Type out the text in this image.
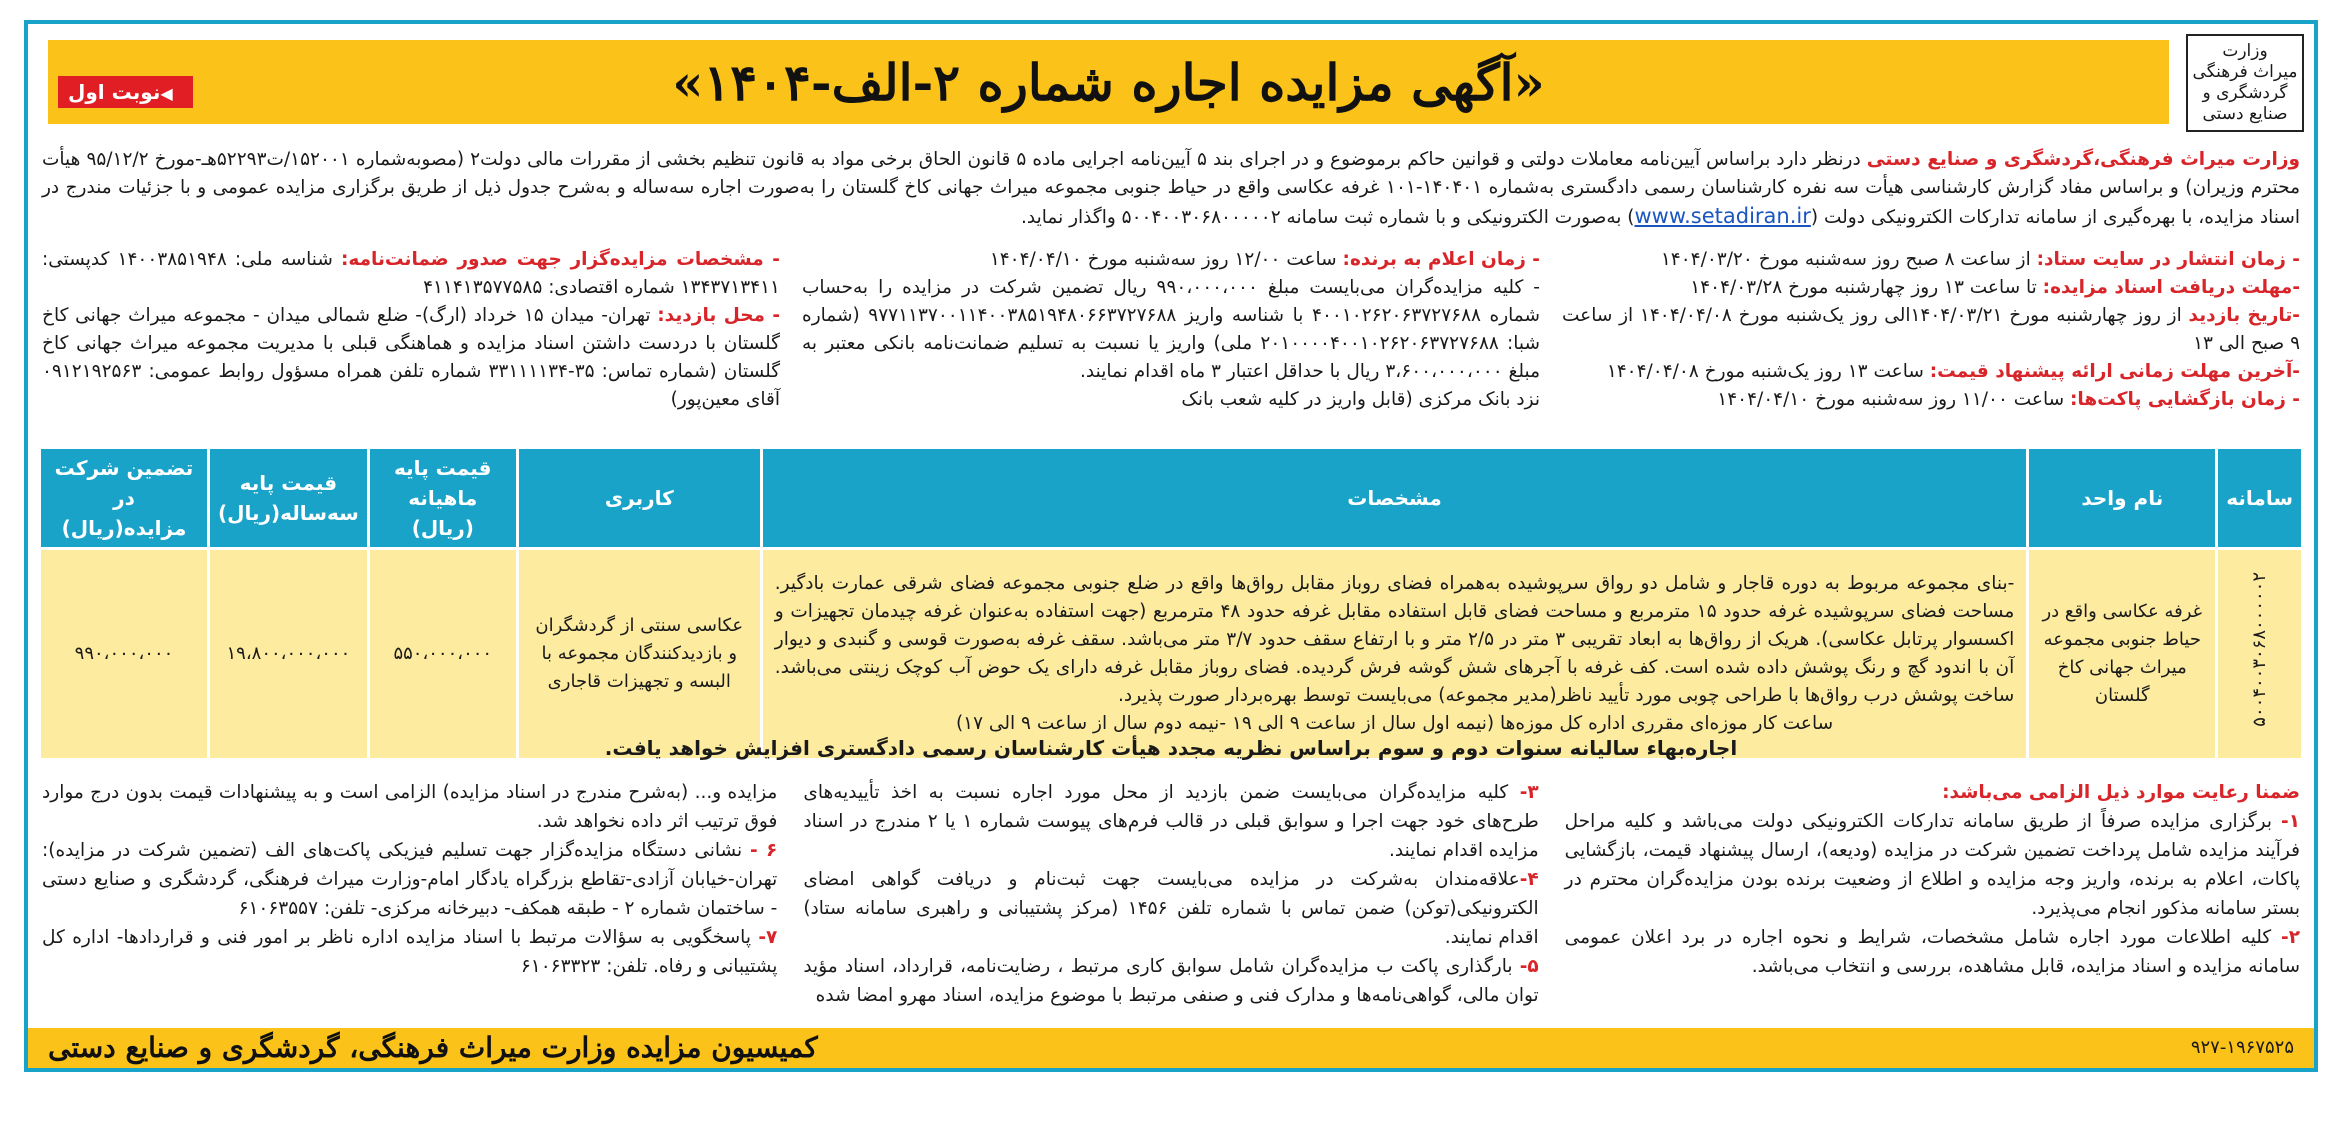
وزارت
میراث فرهنگی
گردشگری و صنایع دستی
«آگهی مزایده اجاره شماره ۲-الف-۱۴۰۴»
◀نوبت اول
وزارت میراث فرهنگی،گردشگری و صنایع دستی درنظر دارد براساس آیین‌نامه معاملات دولتی و قوانین حاکم برموضوع و در اجرای بند ۵ آیین‌نامه اجرایی ماده ۵ قانون الحاق برخی مواد به قانون تنظیم بخشی از مقررات مالی دولت۲ (مصوبه‌شماره ۱۵۲۰۰۱/ت۵۲۲۹۳هـ-مورخ ۹۵/۱۲/۲ هیأت محترم وزیران) و براساس مفاد گزارش کارشناسی هیأت سه نفره کارشناسان رسمی دادگستری به‌شماره ۱۴۰۴۰۱-۱۰۱ غرفه عکاسی واقع در حیاط جنوبی مجموعه میراث جهانی کاخ گلستان را به‌صورت اجاره سه‌ساله و به‌شرح جدول ذیل از طریق برگزاری مزایده عمومی و با جزئیات مندرج در اسناد مزایده، با بهره‌گیری از سامانه تدارکات الکترونیکی دولت (www.setadiran.ir) به‌صورت الکترونیکی و با شماره ثبت سامانه ۵۰۰۴۰۰۳۰۶۸۰۰۰۰۰۲ واگذار نماید.
- زمان انتشار در سایت ستاد: از ساعت ۸ صبح روز سه‌شنبه مورخ ۱۴۰۴/۰۳/۲۰
-مهلت دریافت اسناد مزایده: تا ساعت ۱۳ روز چهارشنبه مورخ ۱۴۰۴/۰۳/۲۸
-تاریخ بازدید از روز چهارشنبه مورخ ۱۴۰۴/۰۳/۲۱الی روز یک‌شنبه مورخ ۱۴۰۴/۰۴/۰۸ از ساعت ۹ صبح الی ۱۳
-آخرین مهلت زمانی ارائه پیشنهاد قیمت: ساعت ۱۳ روز یک‌شنبه مورخ ۱۴۰۴/۰۴/۰۸
- زمان بازگشایی پاکت‌ها: ساعت ۱۱/۰۰ روز سه‌شنبه مورخ ۱۴۰۴/۰۴/۱۰
- زمان اعلام به برنده: ساعت ۱۲/۰۰ روز سه‌شنبه مورخ ۱۴۰۴/۰۴/۱۰
- کلیه مزایده‌گران می‌بایست مبلغ ۹۹۰،۰۰۰،۰۰۰ ریال تضمین شرکت در مزایده را به‌حساب شماره ۴۰۰۱۰۲۶۲۰۶۳۷۲۷۶۸۸ با شناسه واریز ۹۷۷۱۱۳۷۰۰۱۱۴۰۰۳۸۵۱۹۴۸۰۶۶۳۷۲۷۶۸۸ (شماره شبا: ۲۰۱۰۰۰۰۴۰۰۱۰۲۶۲۰۶۳۷۲۷۶۸۸ ملی) واریز یا نسبت به تسلیم ضمانت‌نامه بانکی معتبر به مبلغ ۳،۶۰۰،۰۰۰،۰۰۰ ریال با حداقل اعتبار ۳ ماه اقدام نمایند.
نزد بانک مرکزی (قابل واریز در کلیه شعب بانک
- مشخصات مزایده‌گزار جهت صدور ضمانت‌نامه: شناسه ملی: ۱۴۰۰۳۸۵۱۹۴۸ کدپستی: ۱۳۴۳۷۱۳۴۱۱ شماره اقتصادی: ۴۱۱۴۱۳۵۷۷۵۸۵
- محل بازدید: تهران- میدان ۱۵ خرداد (ارگ)- ضلع شمالی میدان - مجموعه میراث جهانی کاخ گلستان با دردست داشتن اسناد مزایده و هماهنگی قبلی با مدیریت مجموعه میراث جهانی کاخ گلستان (شماره تماس: ۳۵-۳۳۱۱۱۱۳۴ شماره تلفن همراه مسؤول روابط عمومی: ۰۹۱۲۱۹۲۵۶۳ آقای معین‌پور)
سامانه	نام واحد	مشخصات	کاربری	قیمت پایه ماهیانه (ریال)	قیمت پایه سه‌ساله(ریال)	تضمین شرکت در مزایده(ریال)
۵۰۰۴۰۰۳۰۶۸۰۰۰۰۰۲	غرفه عکاسی واقع در حیاط جنوبی مجموعه میراث جهانی کاخ گلستان	-بنای مجموعه مربوط به دوره قاجار و شامل دو رواق سرپوشیده به‌همراه فضای روباز مقابل رواق‌ها واقع در ضلع جنوبی مجموعه فضای شرقی عمارت بادگیر. مساحت فضای سرپوشیده غرفه حدود ۱۵ مترمربع و مساحت فضای قابل استفاده مقابل غرفه حدود ۴۸ مترمربع (جهت استفاده به‌عنوان غرفه چیدمان تجهیزات و اکسسوار پرتابل عکاسی). هریک از رواق‌ها به ابعاد تقریبی ۳ متر در ۲/۵ متر و با ارتفاع سقف حدود ۳/۷ متر می‌باشد. سقف غرفه به‌صورت قوسی و گنبدی و دیوار آن با اندود گچ و رنگ پوشش داده شده است. کف غرفه با آجرهای شش گوشه فرش گردیده. فضای روباز مقابل غرفه دارای یک حوض آب کوچک زینتی می‌باشد. ساخت پوشش درب رواق‌ها با طراحی چوبی مورد تأیید ناظر(مدیر مجموعه) می‌بایست توسط بهره‌بردار صورت پذیرد.
ساعت کار موزه‌ای مقرری اداره کل موزه‌ها (نیمه اول سال از ساعت ۹ الی ۱۹ -نیمه دوم سال از ساعت ۹ الی ۱۷)	عکاسی سنتی از گردشگران و بازدیدکنندگان مجموعه با البسه و تجهیزات قاجاری	۵۵۰،۰۰۰،۰۰۰	۱۹،۸۰۰،۰۰۰،۰۰۰	۹۹۰،۰۰۰،۰۰۰
اجاره‌بهاء سالیانه سنوات دوم و سوم براساس نظریه مجدد هیأت کارشناسان رسمی دادگستری افزایش خواهد یافت.
ضمنا رعایت موارد ذیل الزامی می‌باشد:
۱- برگزاری مزایده صرفاً از طریق سامانه تدارکات الکترونیکی دولت می‌باشد و کلیه مراحل فرآیند مزایده شامل پرداخت تضمین شرکت در مزایده (ودیعه)، ارسال پیشنهاد قیمت، بازگشایی پاکات، اعلام به برنده، واریز وجه مزایده و اطلاع از وضعیت برنده بودن مزایده‌گران محترم در بستر سامانه مذکور انجام می‌پذیرد.
۲- کلیه اطلاعات مورد اجاره شامل مشخصات، شرایط و نحوه اجاره در برد اعلان عمومی سامانه مزایده و اسناد مزایده، قابل مشاهده، بررسی و انتخاب می‌باشد.
۳- کلیه مزایده‌گران می‌بایست ضمن بازدید از محل مورد اجاره نسبت به اخذ تأییدیه‌های طرح‌های خود جهت اجرا و سوابق قبلی در قالب فرم‌های پیوست شماره ۱ یا ۲ مندرج در اسناد مزایده اقدام نمایند.
۴-علاقه‌مندان به‌شرکت در مزایده می‌بایست جهت ثبت‌نام و دریافت گواهی امضای الکترونیکی(توکن) ضمن تماس با شماره تلفن ۱۴۵۶ (مرکز پشتیبانی و راهبری سامانه ستاد) اقدام نمایند.
۵- بارگذاری پاکت ب مزایده‌گران شامل سوابق کاری مرتبط ، رضایت‌نامه، قرارداد، اسناد مؤید توان مالی، گواهی‌نامه‌ها و مدارک فنی و صنفی مرتبط با موضوع مزایده، اسناد مهرو امضا شده
مزایده و... (به‌شرح مندرج در اسناد مزایده) الزامی است و به پیشنهادات قیمت بدون درج موارد فوق ترتیب اثر داده نخواهد شد.
۶ - نشانی دستگاه مزایده‌گزار جهت تسلیم فیزیکی پاکت‌های الف (تضمین شرکت در مزایده): تهران-خیابان آزادی-تقاطع بزرگراه یادگار امام-وزارت میراث فرهنگی، گردشگری و صنایع دستی - ساختمان شماره ۲ - طبقه همکف- دبیرخانه مرکزی- تلفن: ۶۱۰۶۳۵۵۷
۷- پاسخگویی به سؤالات مرتبط با اسناد مزایده اداره ناظر بر امور فنی و قراردادها- اداره کل پشتیبانی و رفاه. تلفن: ۶۱۰۶۳۳۲۳
۹۲۷-۱۹۶۷۵۲۵
کمیسیون مزایده وزارت میراث فرهنگی، گردشگری و صنایع دستی
